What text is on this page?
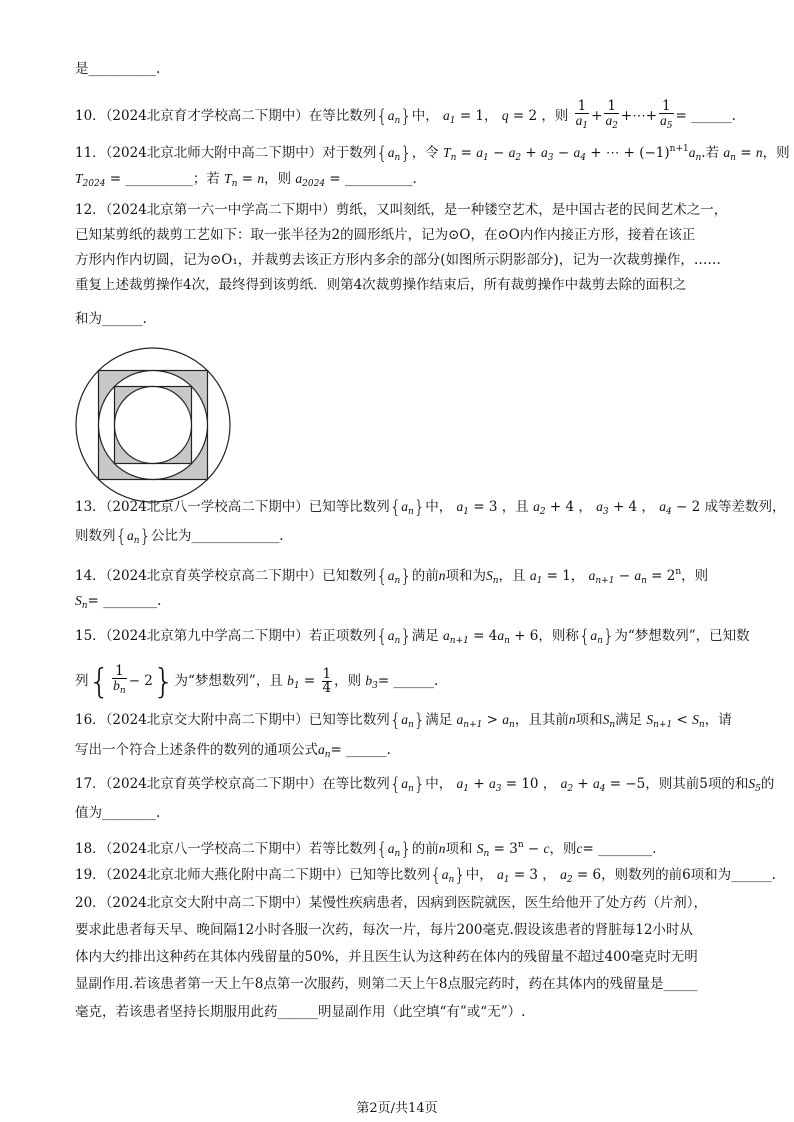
是__________.
10．（2024北京育才学校高二下期中）在等比数列$\{a_n\}$中， $a_1 = 1$， q = 2 ，则 $\frac{1}{a_1} + \frac{1}{a_2}$ +⋯+ $\frac{1}{a_5}$ = ______.
11．（2024北京北师大附中高二下期中）对于数列$\{a_n\}$，令 $T_n = a_1 - a_2 + a_3 - a_4$ + ⋯ + $(-1)^{n+1}a_n$.若 $a_n = n$，则
$T_{2024}$ = __________；若 $T_n = n$，则 $a_{2024}$ = __________.
12．（2024北京第一六一中学高二下期中）剪纸，又叫刻纸，是一种镂空艺术，是中国古老的民间艺术之一，
已知某剪纸的裁剪工艺如下：取一张半径为2的圆形纸片，记为⊙O，在⊙O内作内接正方形，接着在该正
方形内作内切圆，记为⊙O₁，并裁剪去该正方形内多余的部分(如图所示阴影部分)，记为一次裁剪操作，……
重复上述裁剪操作4次，最终得到该剪纸．则第4次裁剪操作结束后，所有裁剪操作中裁剪去除的面积之
和为______.
13．（2024北京八一学校高二下期中）已知等比数列$\{a_n\}$中， $a_1 = 3$ ，且 $a_2 + 4$ ， $a_3 + 4$ ， $a_4 - 2$ 成等差数列，
则数列$\{a_n\}$公比为_____________.
14．（2024北京育英学校京高二下期中）已知数列$\{a_n\}$的前n项和为$S_n$，且 $a_1 = 1$， $a_{n+1} - a_n = 2^n$，则
$S_n=$ ________.
15．（2024北京第九中学高二下期中）若正项数列$\{a_n\}$满足 $a_{n+1} = 4a_n + 6$，则称$\{a_n\}$为“梦想数列”，已知数
列{ $\frac{1}{b_n} - 2$}为“梦想数列”，且 $b_1 = \frac{1}{4}$ ，则 $b_3=$ ______.
16．（2024北京交大附中高二下期中）已知等比数列$\{a_n\}$满足 $a_{n+1} > a_n$，且其前n项和$S_n$满足 $S_{n+1} < S_n$，请
写出一个符合上述条件的数列的通项公式$a_n=$ ______.
17．（2024北京育英学校京高二下期中）在等比数列$\{a_n\}$中， $a_1 + a_3 = 10$ ， $a_2 + a_4 = -5$，则其前5项的和$S_5$的
值为________.
18．（2024北京八一学校高二下期中）若等比数列$\{a_n\}$的前n项和 $S_n = 3^n - c$，则c= ________.
19．（2024北京北师大燕化附中高二下期中）已知等比数列$\{a_n\}$中， $a_1 = 3$ ， $a_2 = 6$，则数列的前6项和为______.
20．（2024北京交大附中高二下期中）某慢性疾病患者，因病到医院就医，医生给他开了处方药（片剂），
要求此患者每天早、晚间隔12小时各服一次药，每次一片，每片200毫克.假设该患者的肾脏每12小时从
体内大约排出这种药在其体内残留量的50%，并且医生认为这种药在体内的残留量不超过400毫克时无明
显副作用.若该患者第一天上午8点第一次服药，则第二天上午8点服完药时，药在其体内的残留量是_____
毫克，若该患者坚持长期服用此药______明显副作用（此空填“有”或“无”）.
第2页/共14页
